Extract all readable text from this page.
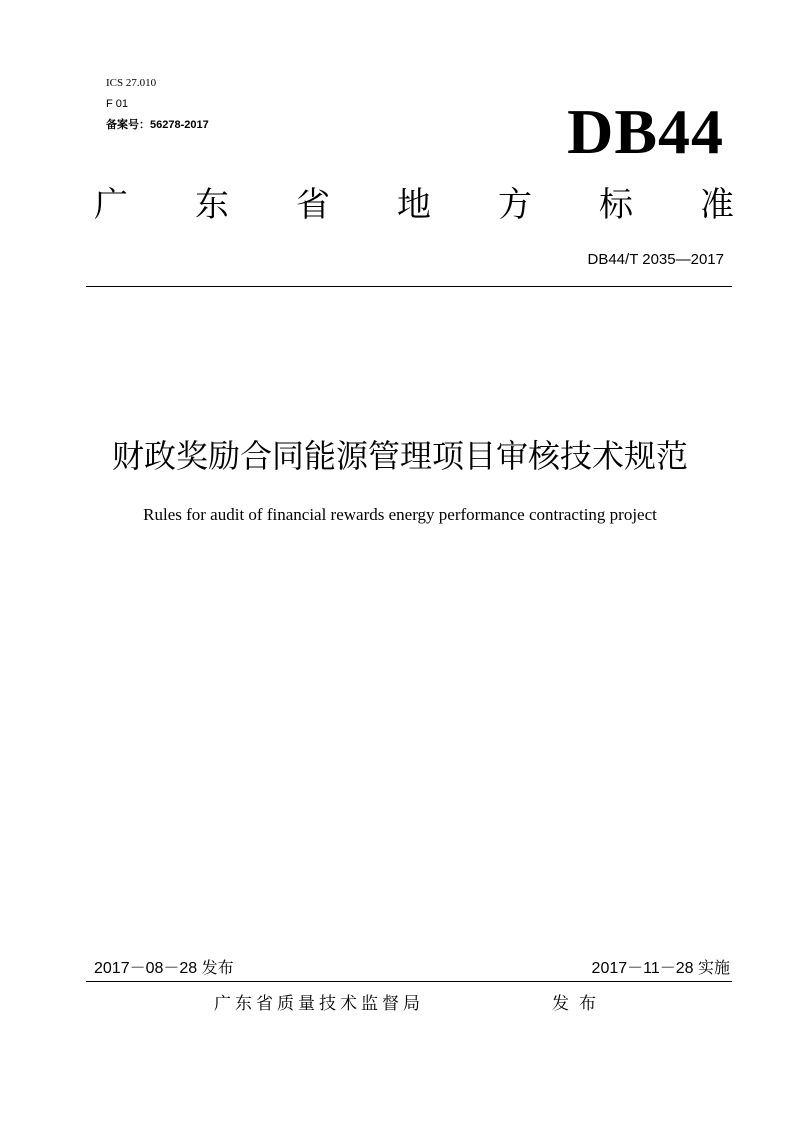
ICS 27.010
F 01
备案号：56278-2017	DB44
广 东 省 地 方 标 准
DB44/T 2035—2017
财政奖励合同能源管理项目审核技术规范
Rules for audit of financial rewards energy performance contracting project
2017－08－28 发布	2017－11－28 实施
广东省质量技术监督局	发布
